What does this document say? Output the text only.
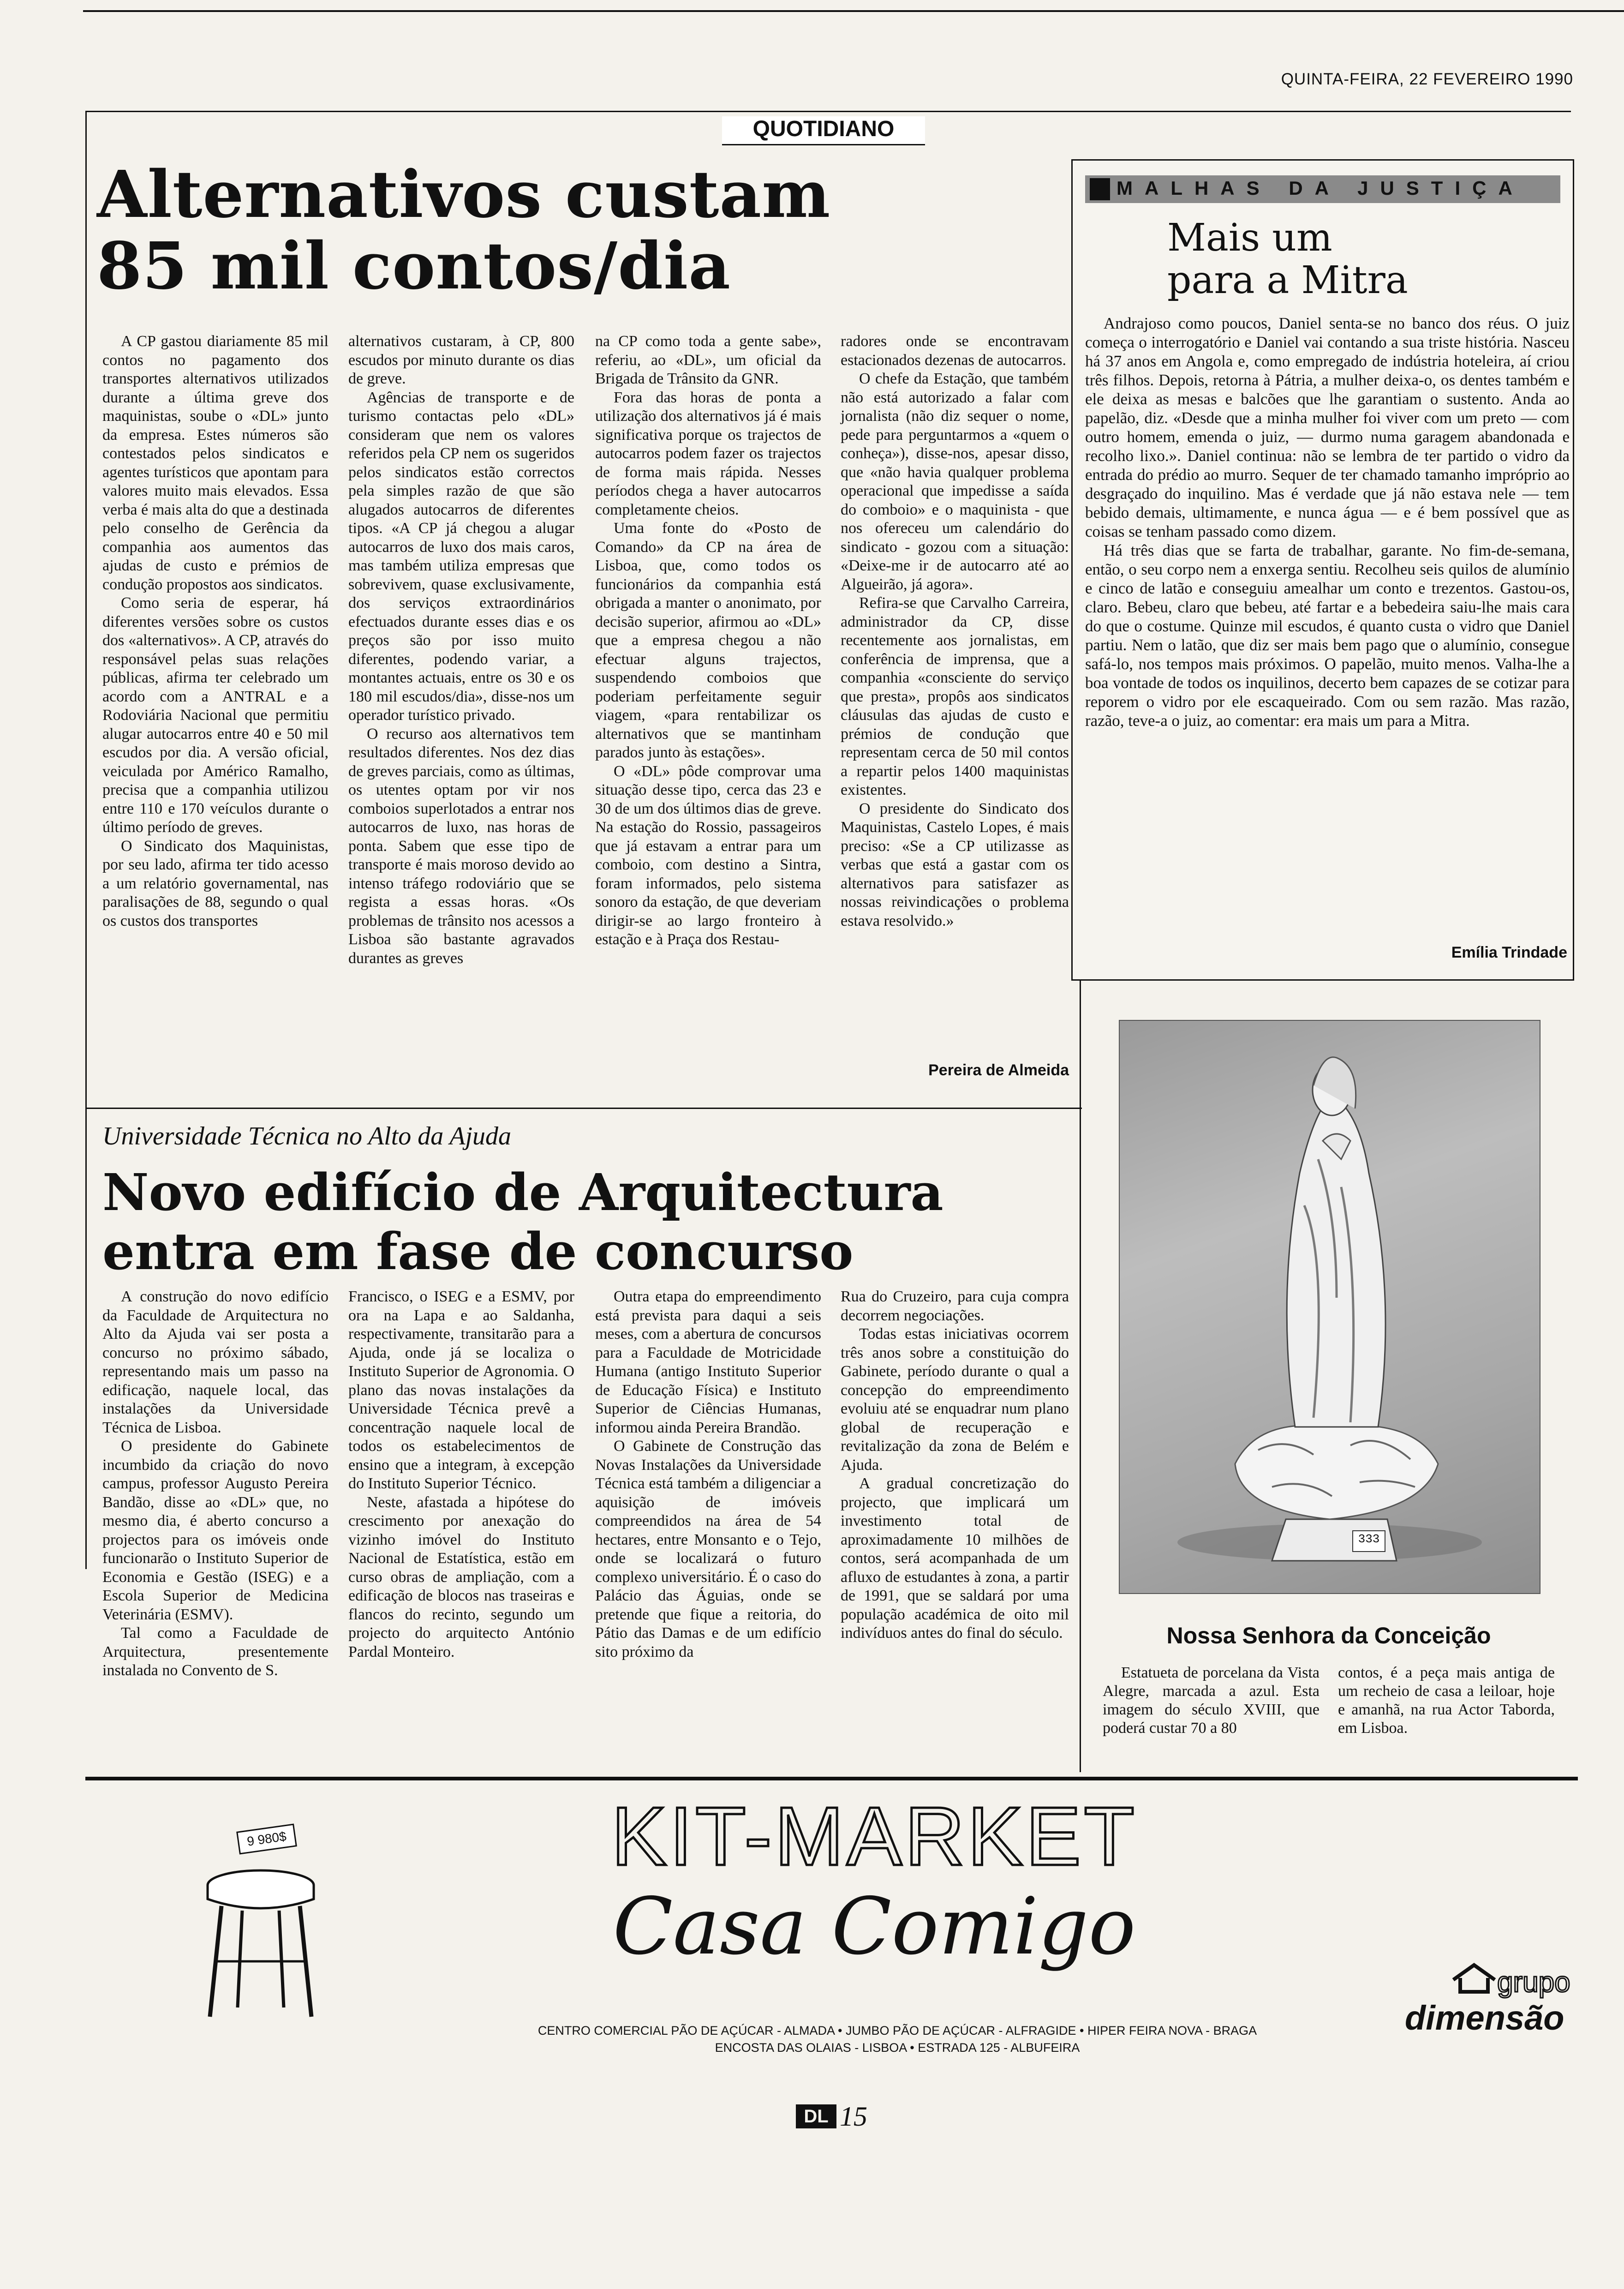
QUINTA-FEIRA, 22 FEVEREIRO 1990
QUOTIDIANO
Alternativos custam
85 mil contos/dia

A CP gastou diariamente 85 mil contos no pagamento dos transportes alternativos utilizados durante a última greve dos maquinistas, soube o «DL» junto da empresa. Estes números são contestados pelos sindicatos e agentes turísticos que apontam para valores muito mais elevados. Essa verba é mais alta do que a destinada pelo conselho de Gerência da companhia aos aumentos das ajudas de custo e prémios de condução propostos aos sindicatos.

Como seria de esperar, há diferentes versões sobre os custos dos «alternativos». A CP, através do responsável pelas suas relações públicas, afirma ter celebrado um acordo com a ANTRAL e a Rodoviária Nacional que permitiu alugar autocarros entre 40 e 50 mil escudos por dia. A versão oficial, veiculada por Américo Ramalho, precisa que a companhia utilizou entre 110 e 170 veículos durante o último período de greves.

O Sindicato dos Maquinistas, por seu lado, afirma ter tido acesso a um relatório governamental, nas paralisações de 88, segundo o qual os custos dos transportes

alternativos custaram, à CP, 800 escudos por minuto durante os dias de greve.

Agências de transporte e de turismo contactas pelo «DL» consideram que nem os valores referidos pela CP nem os sugeridos pelos sindicatos estão correctos pela simples razão de que são alugados autocarros de diferentes tipos. «A CP já chegou a alugar autocarros de luxo dos mais caros, mas também utiliza empresas que sobrevivem, quase exclusivamente, dos serviços extraordinários efectuados durante esses dias e os preços são por isso muito diferentes, podendo variar, a montantes actuais, entre os 30 e os 180 mil escudos/dia», disse-nos um operador turístico privado.

O recurso aos alternativos tem resultados diferentes. Nos dez dias de greves parciais, como as últimas, os utentes optam por vir nos comboios superlotados a entrar nos autocarros de luxo, nas horas de ponta. Sabem que esse tipo de transporte é mais moroso devido ao intenso tráfego rodoviário que se regista a essas horas. «Os problemas de trânsito nos acessos a Lisboa são bastante agravados durantes as greves

na CP como toda a gente sabe», referiu, ao «DL», um oficial da Brigada de Trânsito da GNR.

Fora das horas de ponta a utilização dos alternativos já é mais significativa porque os trajectos de autocarros podem fazer os trajectos de forma mais rápida. Nesses períodos chega a haver autocarros completamente cheios.

Uma fonte do «Posto de Comando» da CP na área de Lisboa, que, como todos os funcionários da companhia está obrigada a manter o anonimato, por decisão superior, afirmou ao «DL» que a empresa chegou a não efectuar alguns trajectos, suspendendo comboios que poderiam perfeitamente seguir viagem, «para rentabilizar os alternativos que se mantinham parados junto às estações».

O «DL» pôde comprovar uma situação desse tipo, cerca das 23 e 30 de um dos últimos dias de greve. Na estação do Rossio, passageiros que já estavam a entrar para um comboio, com destino a Sintra, foram informados, pelo sistema sonoro da estação, de que deveriam dirigir-se ao largo fronteiro à estação e à Praça dos Restau-

radores onde se encontravam estacionados dezenas de autocarros.

O chefe da Estação, que também não está autorizado a falar com jornalista (não diz sequer o nome, pede para perguntarmos a «quem o conheça»), disse-nos, apesar disso, que «não havia qualquer problema operacional que impedisse a saída do comboio» e o maquinista - que nos ofereceu um calendário do sindicato - gozou com a situação: «Deixe-me ir de autocarro até ao Algueirão, já agora».

Refira-se que Carvalho Carreira, administrador da CP, disse recentemente aos jornalistas, em conferência de imprensa, que a companhia «consciente do serviço que presta», propôs aos sindicatos cláusulas das ajudas de custo e prémios de condução que representam cerca de 50 mil contos a repartir pelos 1400 maquinistas existentes.

O presidente do Sindicato dos Maquinistas, Castelo Lopes, é mais preciso: «Se a CP utilizasse as verbas que está a gastar com os alternativos para satisfazer as nossas reivindicações o problema estava resolvido.»

Pereira de Almeida
MALHAS DA JUSTIÇA
Mais um
para a Mitra

Andrajoso como poucos, Daniel senta-se no banco dos réus. O juiz começa o interrogatório e Daniel vai contando a sua triste história. Nasceu há 37 anos em Angola e, como empregado de indústria hoteleira, aí criou três filhos. Depois, retorna à Pátria, a mulher deixa-o, os dentes também e ele deixa as mesas e balcões que lhe garantiam o sustento. Anda ao papelão, diz. «Desde que a minha mulher foi viver com um preto — com outro homem, emenda o juiz, — durmo numa garagem abandonada e recolho lixo.». Daniel continua: não se lembra de ter partido o vidro da entrada do prédio ao murro. Sequer de ter chamado tamanho impróprio ao desgraçado do inquilino. Mas é verdade que já não estava nele — tem bebido demais, ultimamente, e nunca água — e é bem possível que as coisas se tenham passado como dizem.

Há três dias que se farta de trabalhar, garante. No fim-de-semana, então, o seu corpo nem a enxerga sentiu. Recolheu seis quilos de alumínio e cinco de latão e conseguiu amealhar um conto e trezentos. Gastou-os, claro. Bebeu, claro que bebeu, até fartar e a bebedeira saiu-lhe mais cara do que o costume. Quinze mil escudos, é quanto custa o vidro que Daniel partiu. Nem o latão, que diz ser mais bem pago que o alumínio, consegue safá-lo, nos tempos mais próximos. O papelão, muito menos. Valha-lhe a boa vontade de todos os inquilinos, decerto bem capazes de se cotizar para reporem o vidro por ele escaqueirado. Com ou sem razão. Mas razão, razão, teve-a o juiz, ao comentar: era mais um para a Mitra.

Emília Trindade
Universidade Técnica no Alto da Ajuda
Novo edifício de Arquitectura
entra em fase de concurso

A construção do novo edifício da Faculdade de Arquitectura no Alto da Ajuda vai ser posta a concurso no próximo sábado, representando mais um passo na edificação, naquele local, das instalações da Universidade Técnica de Lisboa.

O presidente do Gabinete incumbido da criação do novo campus, professor Augusto Pereira Bandão, disse ao «DL» que, no mesmo dia, é aberto concurso a projectos para os imóveis onde funcionarão o Instituto Superior de Economia e Gestão (ISEG) e a Escola Superior de Medicina Veterinária (ESMV).

Tal como a Faculdade de Arquitectura, presentemente instalada no Convento de S.

Francisco, o ISEG e a ESMV, por ora na Lapa e ao Saldanha, respectivamente, transitarão para a Ajuda, onde já se localiza o Instituto Superior de Agronomia. O plano das novas instalações da Universidade Técnica prevê a concentração naquele local de todos os estabelecimentos de ensino que a integram, à excepção do Instituto Superior Técnico.

Neste, afastada a hipótese do crescimento por anexação do vizinho imóvel do Instituto Nacional de Estatística, estão em curso obras de ampliação, com a edificação de blocos nas traseiras e flancos do recinto, segundo um projecto do arquitecto António Pardal Monteiro.

Outra etapa do empreendimento está prevista para daqui a seis meses, com a abertura de concursos para a Faculdade de Motricidade Humana (antigo Instituto Superior de Educação Física) e Instituto Superior de Ciências Humanas, informou ainda Pereira Brandão.

O Gabinete de Construção das Novas Instalações da Universidade Técnica está também a diligenciar a aquisição de imóveis compreendidos na área de 54 hectares, entre Monsanto e o Tejo, onde se localizará o futuro complexo universitário. É o caso do Palácio das Águias, onde se pretende que fique a reitoria, do Pátio das Damas e de um edifício sito próximo da

Rua do Cruzeiro, para cuja compra decorrem negociações.

Todas estas iniciativas ocorrem três anos sobre a constituição do Gabinete, período durante o qual a concepção do empreendimento evoluiu até se enquadrar num plano global de recuperação e revitalização da zona de Belém e Ajuda.

A gradual concretização do projecto, que implicará um investimento total de aproximadamente 10 milhões de contos, será acompanhada de um afluxo de estudantes à zona, a partir de 1991, que se saldará por uma população académica de oito mil indivíduos antes do final do século.

333
Nossa Senhora da Conceição

Estatueta de porcelana da Vista Alegre, marcada a azul. Esta imagem do século XVIII, que poderá custar 70 a 80

contos, é a peça mais antiga de um recheio de casa a leiloar, hoje e amanhã, na rua Actor Taborda, em Lisboa.

9 980$	KIT-MARKET
Casa Comigo
CENTRO COMERCIAL PÃO DE AÇÚCAR - ALMADA • JUMBO PÃO DE AÇÚCAR - ALFRAGIDE • HIPER FEIRA NOVA - BRAGA
ENCOSTA DAS OLAIAS - LISBOA • ESTRADA 125 - ALBUFEIRA
grupo
dimensão
DL 15
